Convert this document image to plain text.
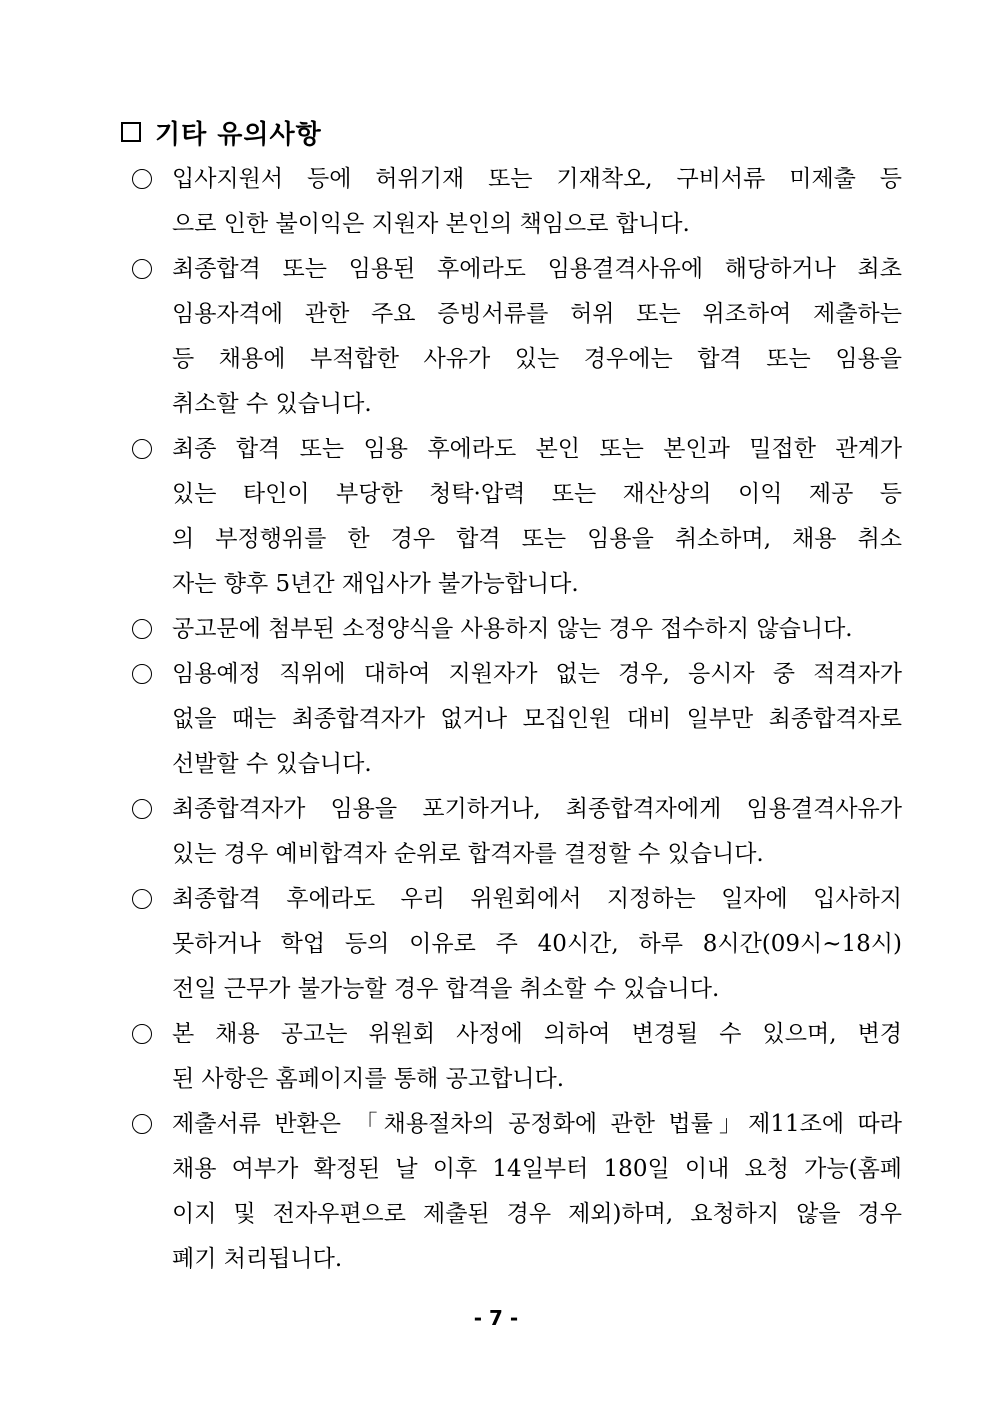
기타 유의사항
입사지원서 등에 허위기재 또는 기재착오, 구비서류 미제출 등
으로 인한 불이익은 지원자 본인의 책임으로 합니다.
최종합격 또는 임용된 후에라도 임용결격사유에 해당하거나 최초
임용자격에 관한 주요 증빙서류를 허위 또는 위조하여 제출하는
등 채용에 부적합한 사유가 있는 경우에는 합격 또는 임용을
취소할 수 있습니다.
최종 합격 또는 임용 후에라도 본인 또는 본인과 밀접한 관계가
있는 타인이 부당한 청탁·압력 또는 재산상의 이익 제공 등
의 부정행위를 한 경우 합격 또는 임용을 취소하며, 채용 취소
자는 향후 5년간 재입사가 불가능합니다.
공고문에 첨부된 소정양식을 사용하지 않는 경우 접수하지 않습니다.
임용예정 직위에 대하여 지원자가 없는 경우, 응시자 중 적격자가
없을 때는 최종합격자가 없거나 모집인원 대비 일부만 최종합격자로
선발할 수 있습니다.
최종합격자가 임용을 포기하거나, 최종합격자에게 임용결격사유가
있는 경우 예비합격자 순위로 합격자를 결정할 수 있습니다.
최종합격 후에라도 우리 위원회에서 지정하는 일자에 입사하지
못하거나 학업 등의 이유로 주 40시간, 하루 8시간(09시~18시)
전일 근무가 불가능할 경우 합격을 취소할 수 있습니다.
본 채용 공고는 위원회 사정에 의하여 변경될 수 있으며, 변경
된 사항은 홈페이지를 통해 공고합니다.
제출서류 반환은 「채용절차의 공정화에 관한 법률」제11조에 따라
채용 여부가 확정된 날 이후 14일부터 180일 이내 요청 가능(홈페
이지 및 전자우편으로 제출된 경우 제외)하며, 요청하지 않을 경우
폐기 처리됩니다.
- 7 -
